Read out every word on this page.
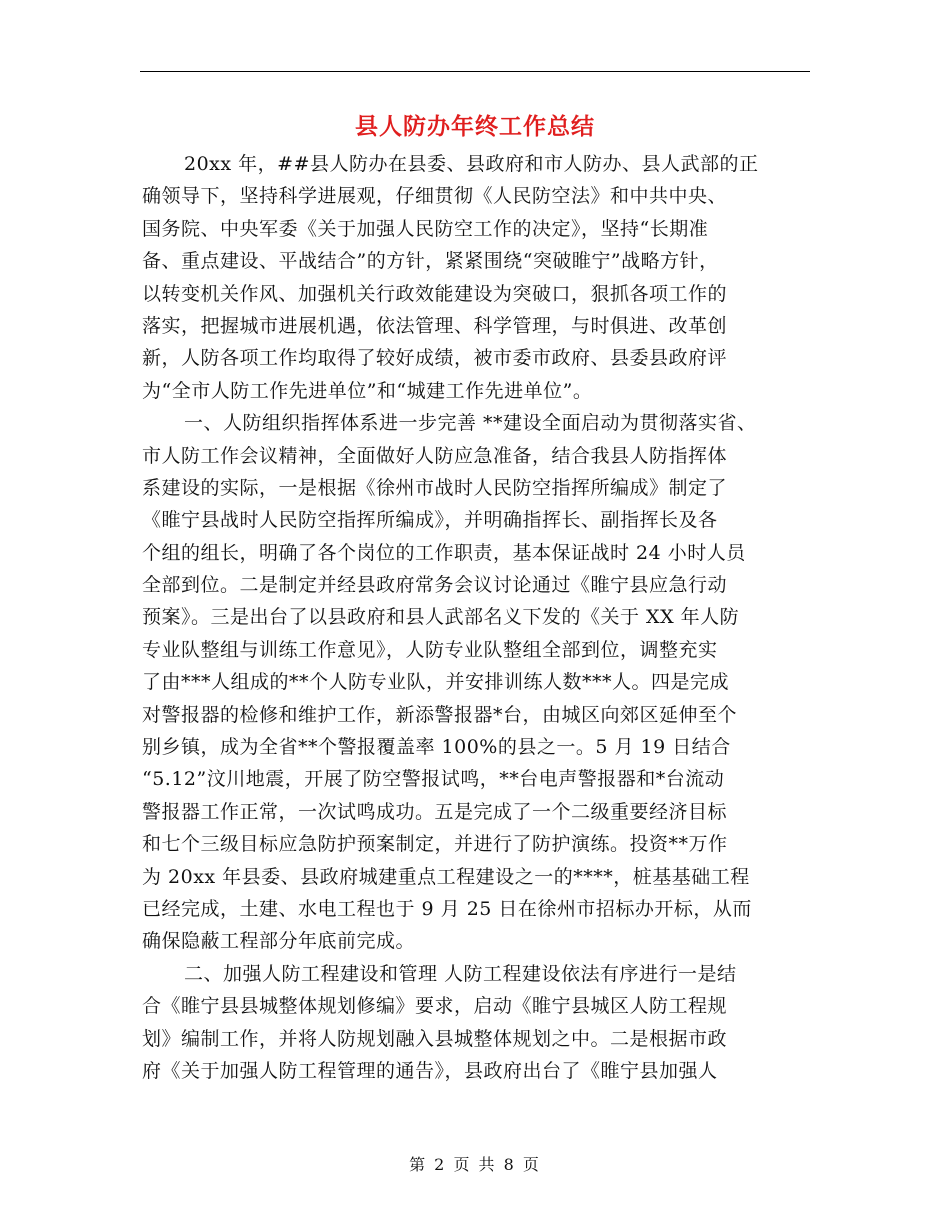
县人防办年终工作总结
20xx 年，##县人防办在县委、县政府和市人防办、县人武部的正
确领导下，坚持科学进展观，仔细贯彻《人民防空法》和中共中央、
国务院、中央军委《关于加强人民防空工作的决定》，坚持“长期准
备、重点建设、平战结合”的方针，紧紧围绕“突破睢宁”战略方针，
以转变机关作风、加强机关行政效能建设为突破口，狠抓各项工作的
落实，把握城市进展机遇，依法管理、科学管理，与时俱进、改革创
新，人防各项工作均取得了较好成绩，被市委市政府、县委县政府评
为“全市人防工作先进单位”和“城建工作先进单位”。
一、人防组织指挥体系进一步完善 **建设全面启动为贯彻落实省、
市人防工作会议精神，全面做好人防应急准备，结合我县人防指挥体
系建设的实际，一是根据《徐州市战时人民防空指挥所编成》制定了
《睢宁县战时人民防空指挥所编成》，并明确指挥长、副指挥长及各
个组的组长，明确了各个岗位的工作职责，基本保证战时 24 小时人员
全部到位。二是制定并经县政府常务会议讨论通过《睢宁县应急行动
预案》。三是出台了以县政府和县人武部名义下发的《关于 XX 年人防
专业队整组与训练工作意见》，人防专业队整组全部到位，调整充实
了由***人组成的**个人防专业队，并安排训练人数***人。四是完成
对警报器的检修和维护工作，新添警报器*台，由城区向郊区延伸至个
别乡镇，成为全省**个警报覆盖率 100%的县之一。5 月 19 日结合
“5.12”汶川地震，开展了防空警报试鸣，**台电声警报器和*台流动
警报器工作正常，一次试鸣成功。五是完成了一个二级重要经济目标
和七个三级目标应急防护预案制定，并进行了防护演练。投资**万作
为 20xx 年县委、县政府城建重点工程建设之一的****，桩基基础工程
已经完成，土建、水电工程也于 9 月 25 日在徐州市招标办开标，从而
确保隐蔽工程部分年底前完成。
二、加强人防工程建设和管理 人防工程建设依法有序进行一是结
合《睢宁县县城整体规划修编》要求，启动《睢宁县城区人防工程规
划》编制工作，并将人防规划融入县城整体规划之中。二是根据市政
府《关于加强人防工程管理的通告》，县政府出台了《睢宁县加强人
第 2 页 共 8 页
